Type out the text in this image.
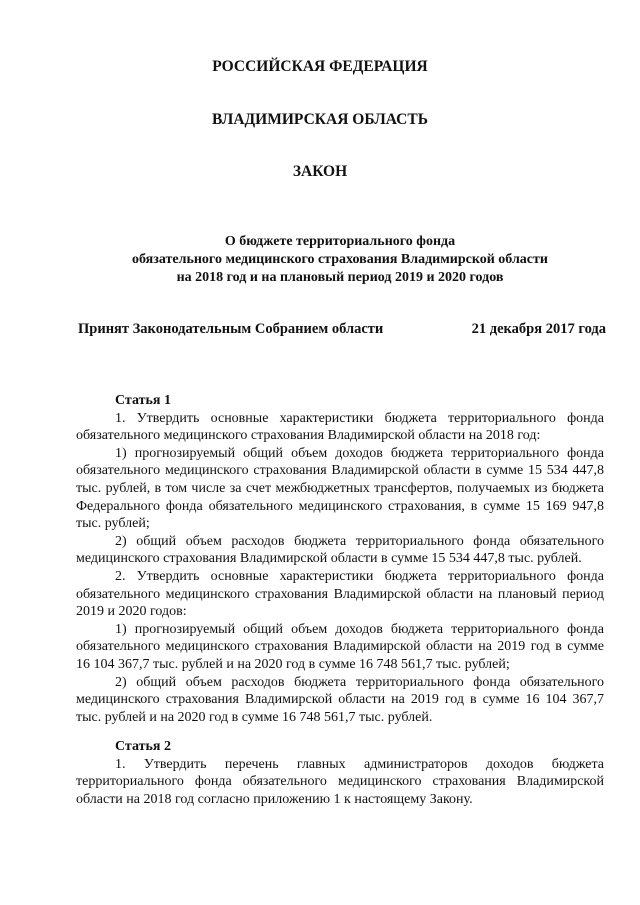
РОССИЙСКАЯ ФЕДЕРАЦИЯ
ВЛАДИМИРСКАЯ ОБЛАСТЬ
ЗАКОН
О бюджете территориального фонда
обязательного медицинского страхования Владимирской области
на 2018 год и на плановый период 2019 и 2020 годов
Принят Законодательным Собранием области	21 декабря 2017 года

Статья 1

1. Утвердить основные характеристики бюджета территориального фонда обязательного медицинского страхования Владимирской области на 2018 год:

1) прогнозируемый общий объем доходов бюджета территориального фонда обязательного медицинского страхования Владимирской области в сумме 15 534 447,8 тыс. рублей, в том числе за счет межбюджетных трансфертов, получаемых из бюджета Федерального фонда обязательного медицинского страхования, в сумме 15 169 947,8 тыс. рублей;

2) общий объем расходов бюджета территориального фонда обязательного медицинского страхования Владимирской области в сумме 15 534 447,8 тыс. рублей.

2. Утвердить основные характеристики бюджета территориального фонда обязательного медицинского страхования Владимирской области на плановый период 2019 и 2020 годов:

1) прогнозируемый общий объем доходов бюджета территориального фонда обязательного медицинского страхования Владимирской области на 2019 год в сумме 16 104 367,7 тыс. рублей и на 2020 год в сумме 16 748 561,7 тыс. рублей;

2) общий объем расходов бюджета территориального фонда обязательного медицинского страхования Владимирской области на 2019 год в сумме 16 104 367,7 тыс. рублей и на 2020 год в сумме 16 748 561,7 тыс. рублей.

Статья 2

1. Утвердить перечень главных администраторов доходов бюджета территориального фонда обязательного медицинского страхования Владимирской области на 2018 год согласно приложению 1 к настоящему Закону.
